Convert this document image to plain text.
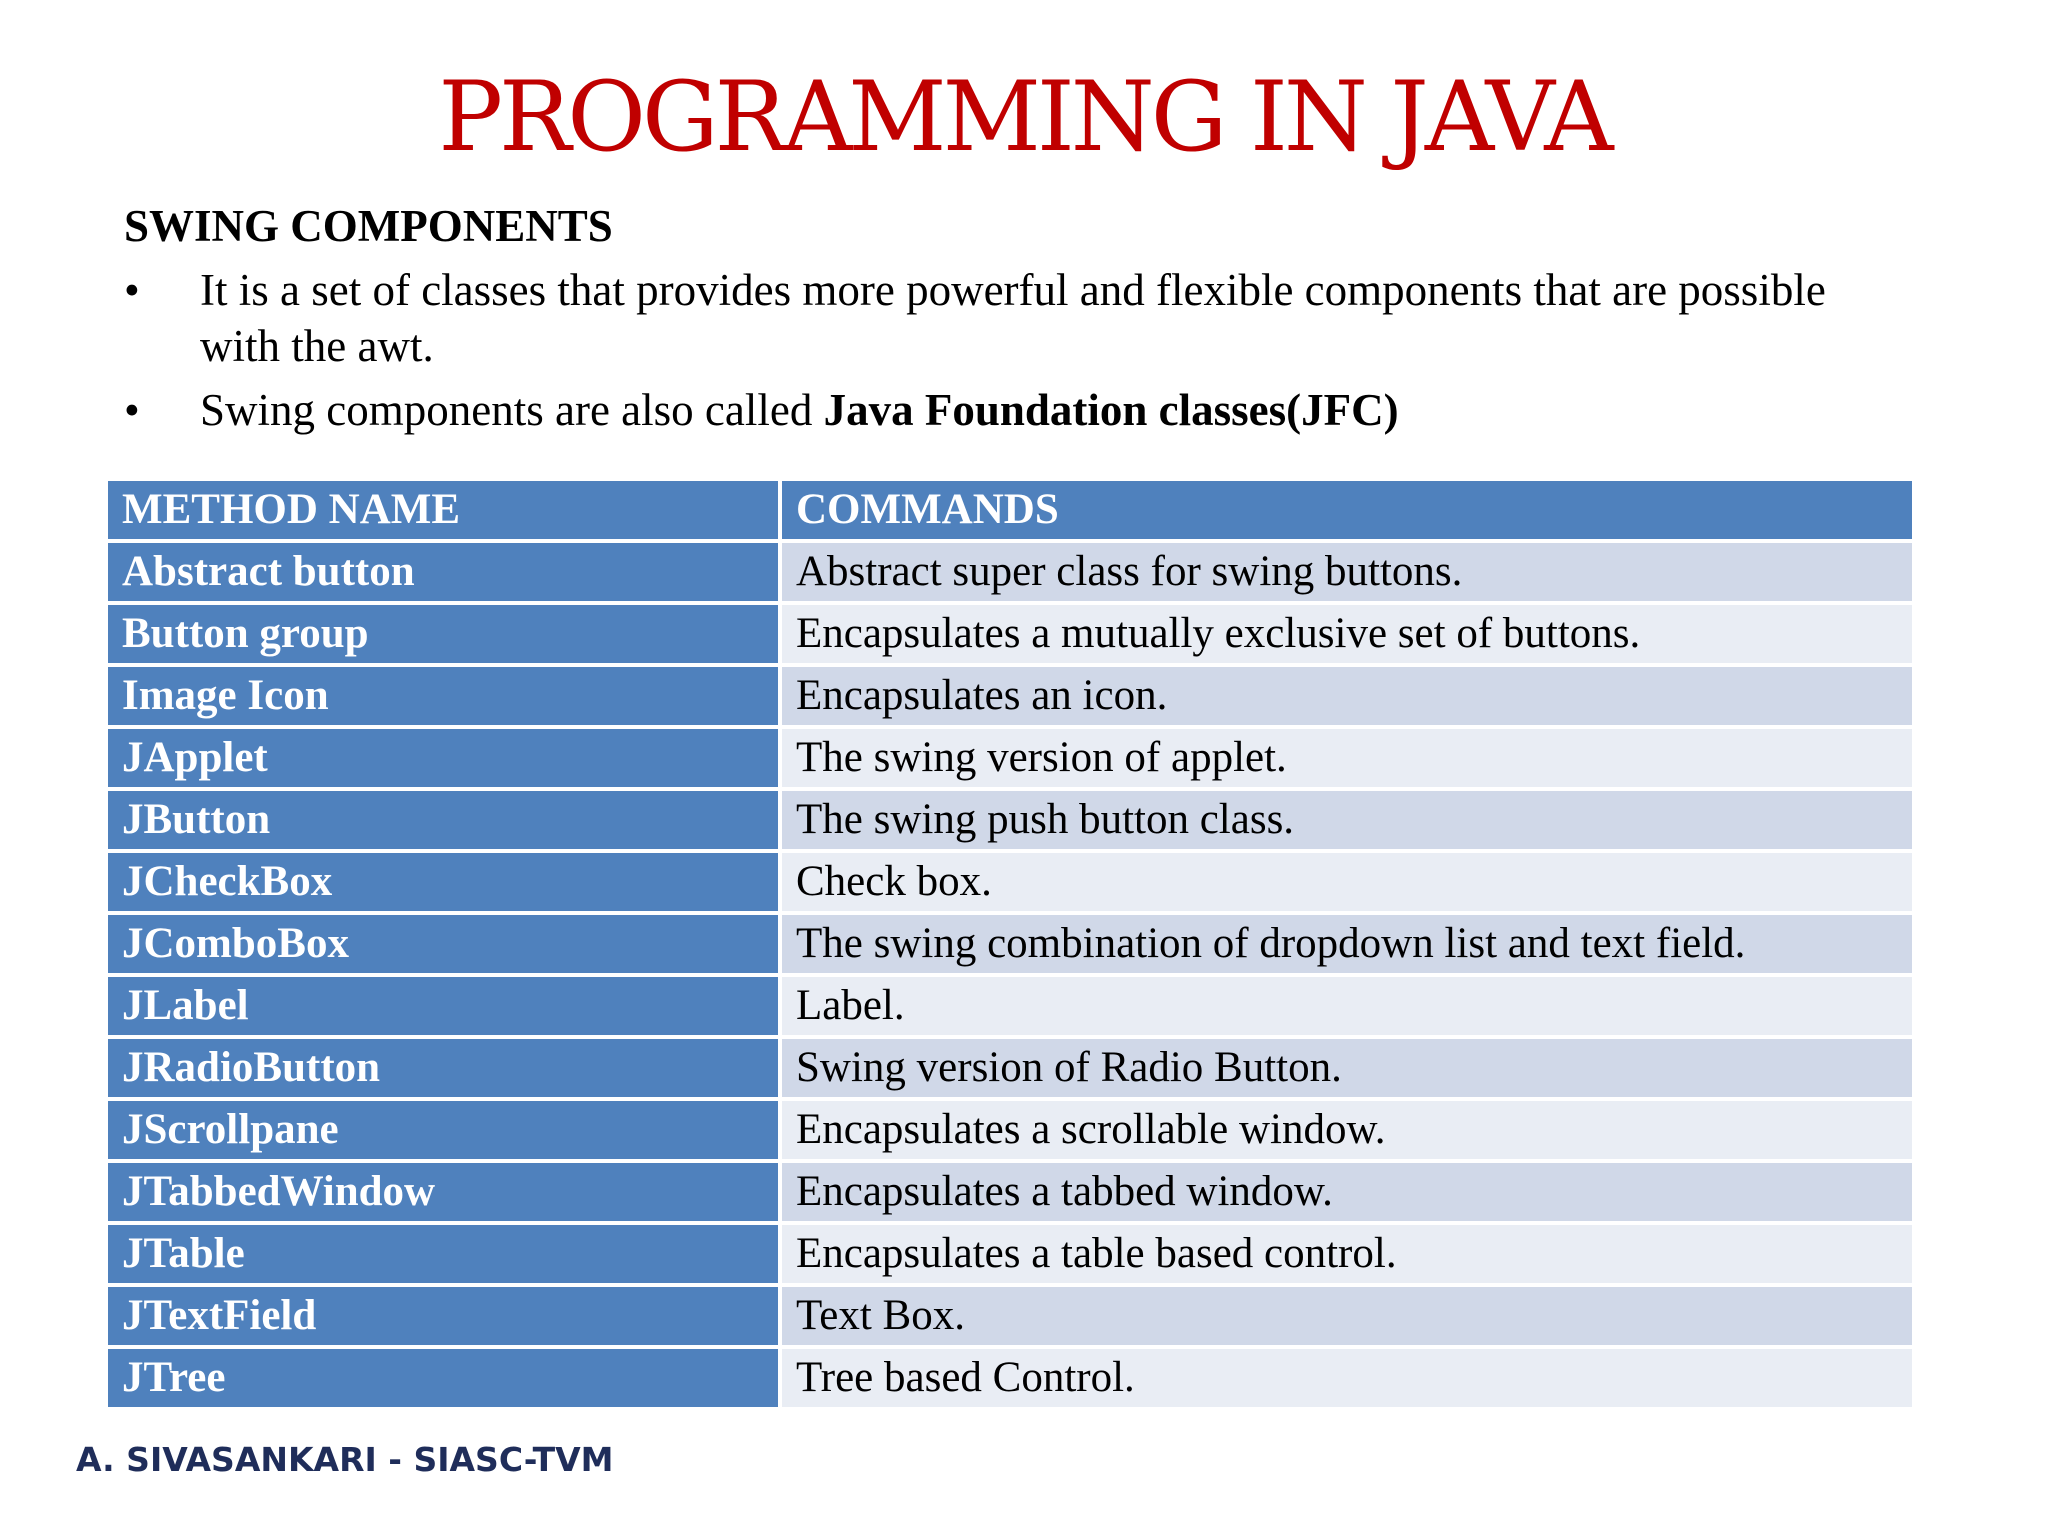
PROGRAMMING IN JAVA
SWING COMPONENTS
•	It is a set of classes that provides more powerful and flexible components that are possible with the awt.
•	Swing components are also called Java Foundation classes(JFC)
METHOD NAME	COMMANDS
Abstract button	Abstract super class for swing buttons.
Button group	Encapsulates a mutually exclusive set of buttons.
Image Icon	Encapsulates an icon.
JApplet	The swing version of applet.
JButton	The swing push button class.
JCheckBox	Check box.
JComboBox	The swing combination of dropdown list and text field.
JLabel	Label.
JRadioButton	Swing version of Radio Button.
JScrollpane	Encapsulates a scrollable window.
JTabbedWindow	Encapsulates a tabbed window.
JTable	Encapsulates a table based control.
JTextField	Text Box.
JTree	Tree based Control.
A. SIVASANKARI - SIASC-TVM
